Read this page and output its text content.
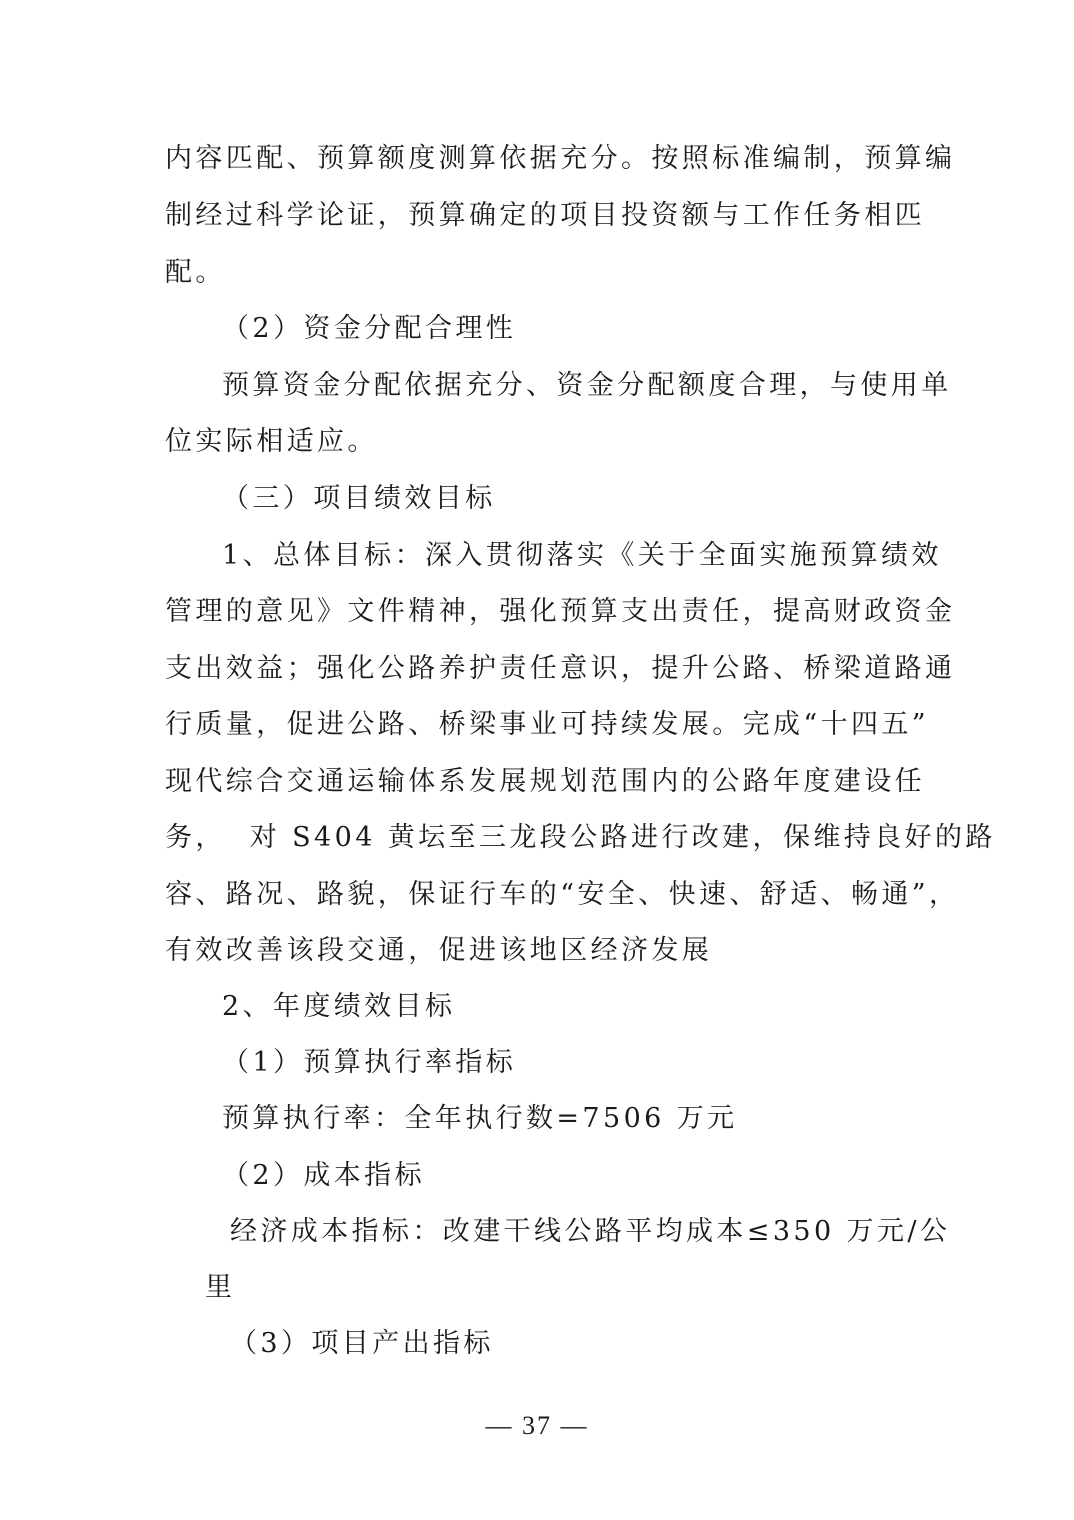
内容匹配、预算额度测算依据充分。按照标准编制，预算编
制经过科学论证，预算确定的项目投资额与工作任务相匹
配。
（2）资金分配合理性
预算资金分配依据充分、资金分配额度合理，与使用单
位实际相适应。
（三）项目绩效目标
1、总体目标：深入贯彻落实《关于全面实施预算绩效
管理的意见》文件精神，强化预算支出责任，提高财政资金
支出效益；强化公路养护责任意识，提升公路、桥梁道路通
行质量，促进公路、桥梁事业可持续发展。完成“十四五”
现代综合交通运输体系发展规划范围内的公路年度建设任
务，  对 S404 黄坛至三龙段公路进行改建，保维持良好的路
容、路况、路貌，保证行车的“安全、快速、舒适、畅通”，
有效改善该段交通，促进该地区经济发展
2、年度绩效目标
（1）预算执行率指标
预算执行率：全年执行数=7506 万元
（2）成本指标
经济成本指标：改建干线公路平均成本≤350 万元/公
里
（3）项目产出指标
— 37 —
